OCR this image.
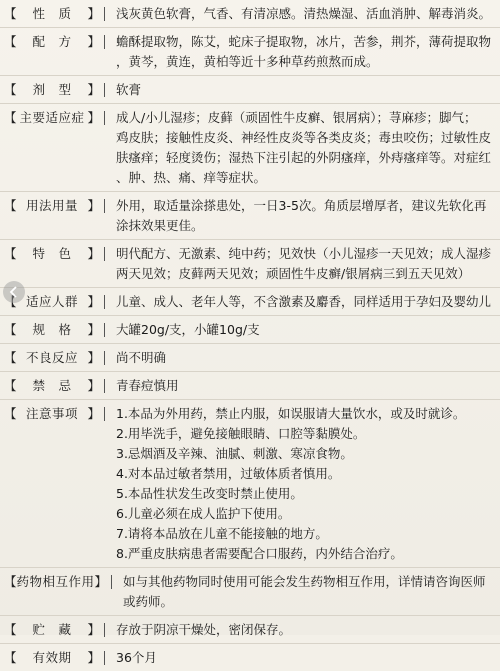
【	性　质	】 浅灰黄色软膏，气香、有清凉感。清热燥湿、活血消肿、解毒消炎。
【	配　方	】 蟾酥提取物，陈艾，蛇床子提取物，冰片，苦参，荆芥，薄荷提取物
，黄芩，黄连，黄柏等近十多种草药煎熬而成。
【	剂　型	】 软膏
【 主要适应症 】 成人/小儿湿疹；皮藓（顽固性牛皮癣、银屑病）；荨麻疹；脚气；
鸡皮肤；接触性皮炎、神经性皮炎等各类皮炎；毒虫咬伤；过敏性皮
肤瘙痒；轻度烫伤；湿热下注引起的外阴瘙痒，外痔瘙痒等。对症红
、肿、热、痛、痒等症状。
【 用法用量 】 外用，取适量涂搽患处，一日3-5次。角质层增厚者，建议先软化再
涂抹效果更佳。
【	特　色	】 明代配方、无激素、纯中药；见效快（小儿湿疹一天见效；成人湿疹
两天见效；皮藓两天见效；顽固性牛皮癣/银屑病三到五天见效）
【 适应人群 】 儿童、成人、老年人等，不含激素及麝香，同样适用于孕妇及婴幼儿
【	规　格	】 大罐20g/支，小罐10g/支
【 不良反应 】 尚不明确
【	禁　忌	】 青春痘慎用
【 注意事项 】 1.本品为外用药，禁止内服，如误服请大量饮水，或及时就诊。
2.用毕洗手，避免接触眼睛、口腔等黏膜处。
3.忌烟酒及辛辣、油腻、刺激、寒凉食物。
4.对本品过敏者禁用，过敏体质者慎用。
5.本品性状发生改变时禁止使用。
6.儿童必须在成人监护下使用。
7.请将本品放在儿童不能接触的地方。
8.严重皮肤病患者需要配合口服药，内外结合治疗。
【 药物相互作用 】 如与其他药物同时使用可能会发生药物相互作用，详情请咨询医师
或药师。
【	贮　藏	】 存放于阴凉干燥处，密闭保存。
【	有效期	】 36个月
